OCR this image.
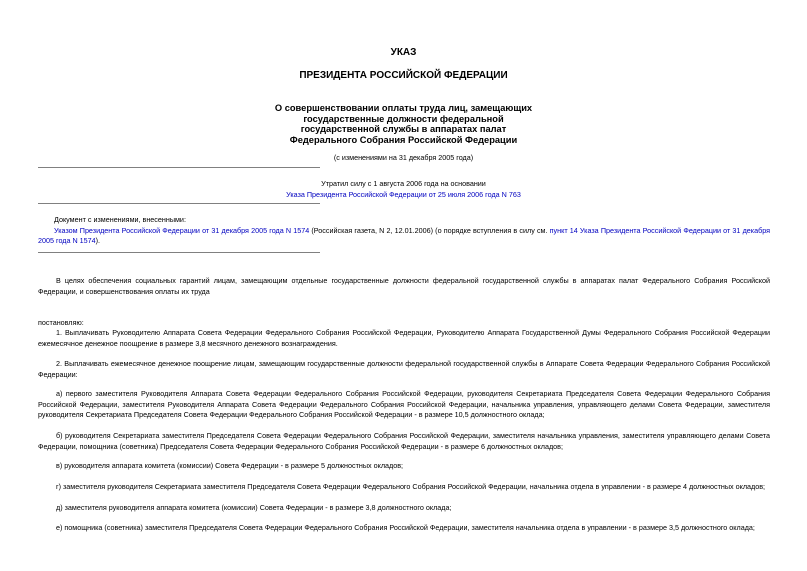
УКАЗ
ПРЕЗИДЕНТА РОССИЙСКОЙ ФЕДЕРАЦИИ
О совершенствовании оплаты труда лиц, замещающих
государственные должности федеральной
государственной службы в аппаратах палат
Федерального Собрания Российской Федерации
(с изменениями на 31 декабря 2005 года)
Утратил силу с 1 августа 2006 года на основании
Указа Президента Российской Федерации от 25 июля 2006 года N 763
Документ с изменениями, внесенными:
Указом Президента Российской Федерации от 31 декабря 2005 года N 1574 (Российская газета, N 2, 12.01.2006) (о порядке вступления в силу см. пункт 14 Указа Президента Российской Федерации от 31 декабря 2005 года N 1574).
В целях обеспечения социальных гарантий лицам, замещающим отдельные государственные должности федеральной государственной службы в аппаратах палат Федерального Собрания Российской Федерации, и совершенствования оплаты их труда
постановляю:
1. Выплачивать Руководителю Аппарата Совета Федерации Федерального Собрания Российской Федерации, Руководителю Аппарата Государственной Думы Федерального Собрания Российской Федерации ежемесячное денежное поощрение в размере 3,8 месячного денежного вознаграждения.
2. Выплачивать ежемесячное денежное поощрение лицам, замещающим государственные должности федеральной государственной службы в Аппарате Совета Федерации Федерального Собрания Российской Федерации:
а) первого заместителя Руководителя Аппарата Совета Федерации Федерального Собрания Российской Федерации, руководителя Секретариата Председателя Совета Федерации Федерального Собрания Российской Федерации, заместителя Руководителя Аппарата Совета Федерации Федерального Собрания Российской Федерации, начальника управления, управляющего делами Совета Федерации, заместителя руководителя Секретариата Председателя Совета Федерации Федерального Собрания Российской Федерации - в размере 10,5 должностного оклада;
б) руководителя Секретариата заместителя Председателя Совета Федерации Федерального Собрания Российской Федерации, заместителя начальника управления, заместителя управляющего делами Совета Федерации, помощника (советника) Председателя Совета Федерации Федерального Собрания Российской Федерации - в размере 6 должностных окладов;
в) руководителя аппарата комитета (комиссии) Совета Федерации - в размере 5 должностных окладов;
г) заместителя руководителя Секретариата заместителя Председателя Совета Федерации Федерального Собрания Российской Федерации, начальника отдела в управлении - в размере 4 должностных окладов;
д) заместителя руководителя аппарата комитета (комиссии) Совета Федерации - в размере 3,8 должностного оклада;
е) помощника (советника) заместителя Председателя Совета Федерации Федерального Собрания Российской Федерации, заместителя начальника отдела в управлении - в размере 3,5 должностного оклада;
